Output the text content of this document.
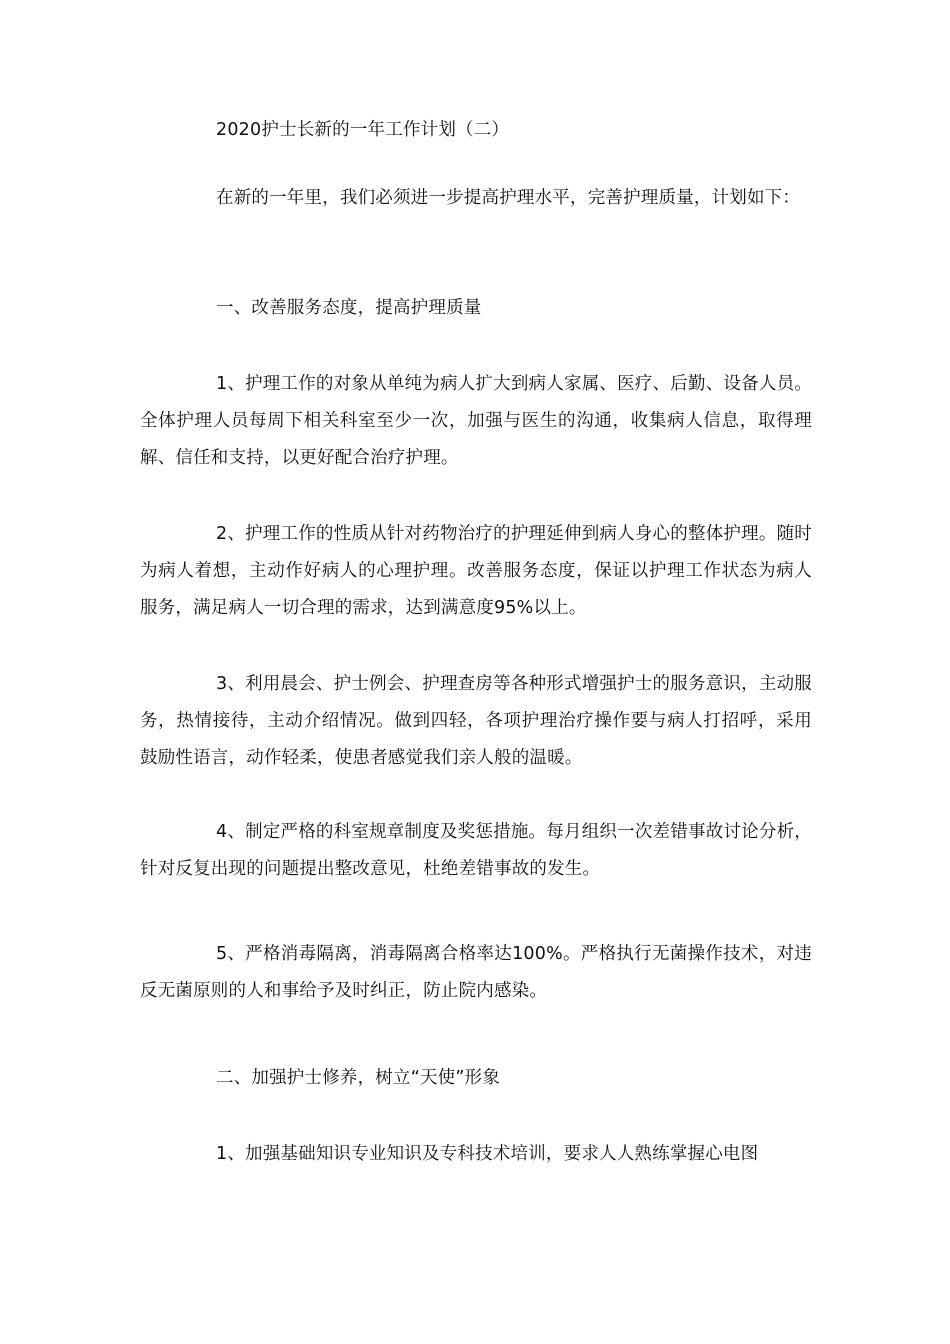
2020护士长新的一年工作计划（二）

在新的一年里，我们必须进一步提高护理水平，完善护理质量，计划如下：

一、改善服务态度，提高护理质量

1、护理工作的对象从单纯为病人扩大到病人家属、医疗、后勤、设备人员。全体护理人员每周下相关科室至少一次，加强与医生的沟通，收集病人信息，取得理解、信任和支持，以更好配合治疗护理。

2、护理工作的性质从针对药物治疗的护理延伸到病人身心的整体护理。随时为病人着想，主动作好病人的心理护理。改善服务态度，保证以护理工作状态为病人服务，满足病人一切合理的需求，达到满意度95%以上。

3、利用晨会、护士例会、护理查房等各种形式增强护士的服务意识，主动服务，热情接待，主动介绍情况。做到四轻，各项护理治疗操作要与病人打招呼，采用鼓励性语言，动作轻柔，使患者感觉我们亲人般的温暖。

4、制定严格的科室规章制度及奖惩措施。每月组织一次差错事故讨论分析，针对反复出现的问题提出整改意见，杜绝差错事故的发生。

5、严格消毒隔离，消毒隔离合格率达100%。严格执行无菌操作技术，对违反无菌原则的人和事给予及时纠正，防止院内感染。

二、加强护士修养，树立“天使”形象

1、加强基础知识专业知识及专科技术培训，要求人人熟练掌握心电图
